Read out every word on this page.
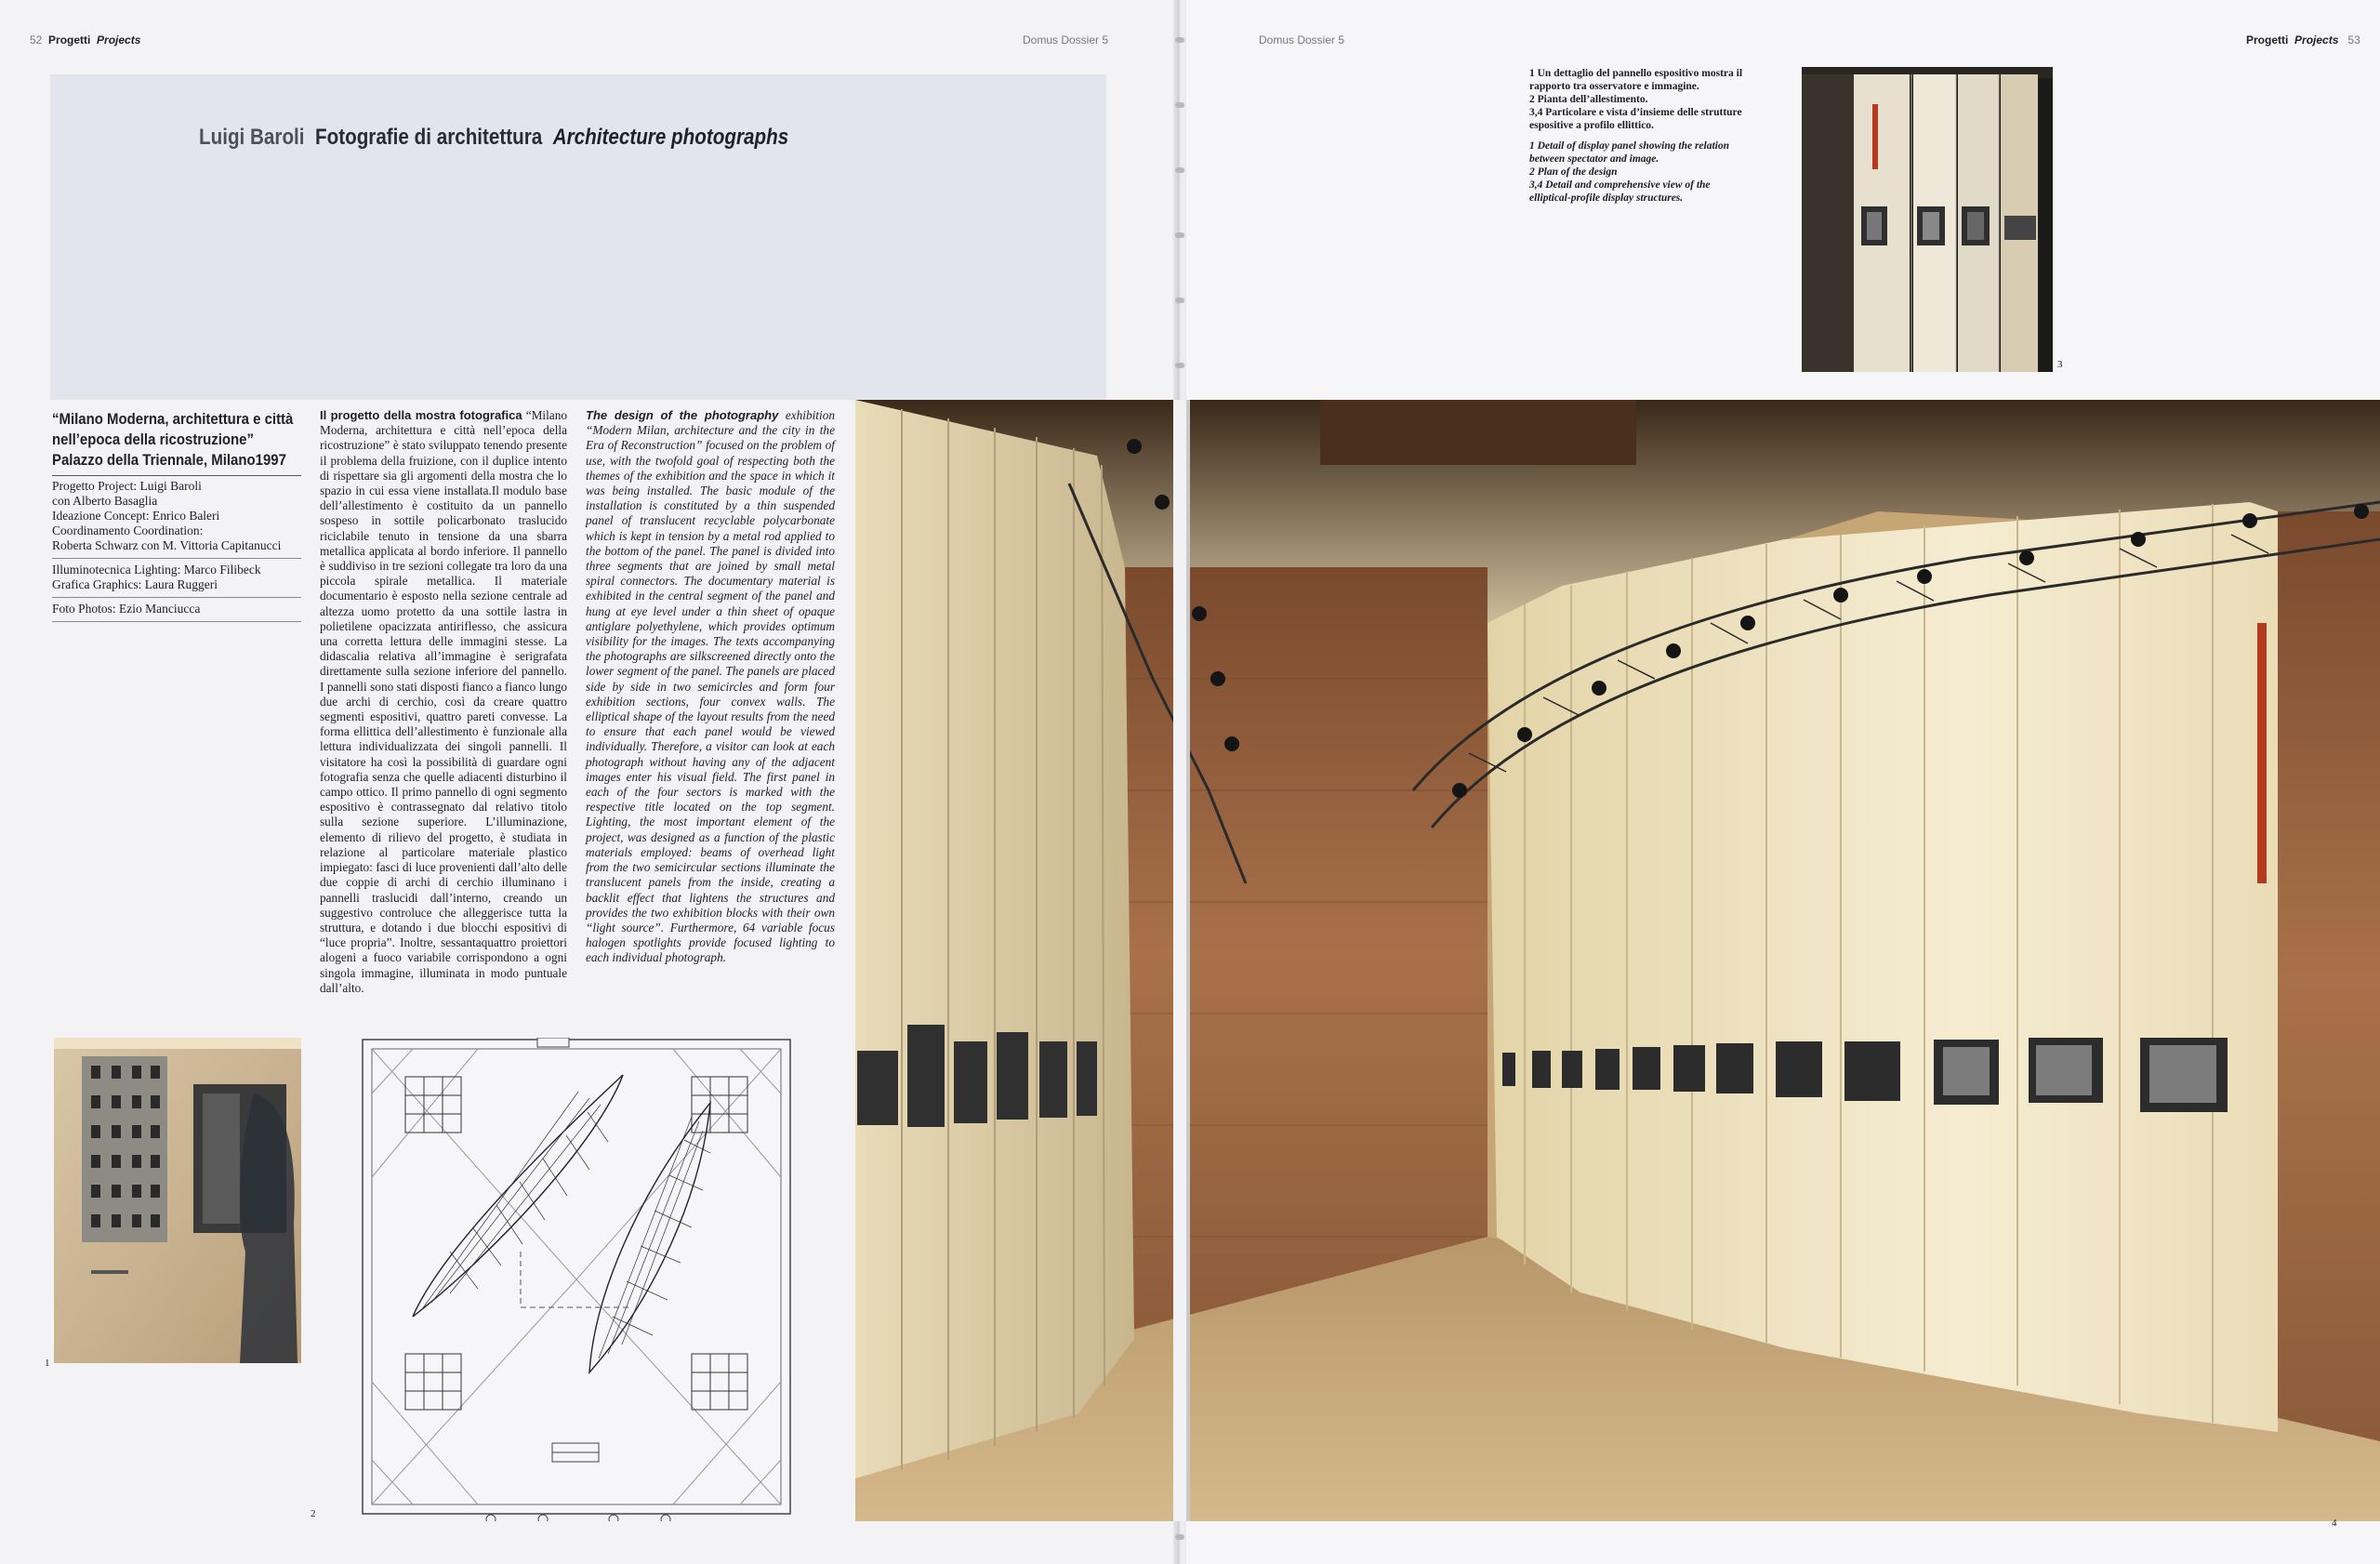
52 Progetti Projects	Domus Dossier 5	Domus Dossier 5	Progetti Projects 53
Luigi Baroli Fotografie di architettura Architecture photographs
“Milano Moderna, architettura e città nell’epoca della ricostruzione” Palazzo della Triennale, Milano1997

Progetto Project: Luigi Baroli

con Alberto Basaglia

Ideazione Concept: Enrico Baleri

Coordinamento Coordination:

Roberta Schwarz con M. Vittoria Capitanucci

Illuminotecnica Lighting: Marco Filibeck

Grafica Graphics: Laura Ruggeri

Foto Photos: Ezio Manciucca

Il progetto della mostra fotografica “Milano Moderna, architettura e città nell’epoca della ricostruzione” è stato sviluppato tenendo presente il problema della fruizione, con il duplice intento di rispettare sia gli argomenti della mostra che lo spazio in cui essa viene installata.Il modulo base dell’allestimento è costituito da un pannello sospeso in sottile policarbonato traslucido riciclabile tenuto in tensione da una sbarra metallica applicata al bordo inferiore. Il pannello è suddiviso in tre sezioni collegate tra loro da una piccola spirale metallica. Il materiale documentario è esposto nella sezione centrale ad altezza uomo protetto da una sottile lastra in polietilene opacizzata antiriflesso, che assicura una corretta lettura delle immagini stesse. La didascalia relativa all’immagine è serigrafata direttamente sulla sezione inferiore del pannello. I pannelli sono stati disposti fianco a fianco lungo due archi di cerchio, così da creare quattro segmenti espositivi, quattro pareti convesse. La forma ellittica dell’allestimento è funzionale alla lettura individualizzata dei singoli pannelli. Il visitatore ha così la possibilità di guardare ogni fotografia senza che quelle adiacenti disturbino il campo ottico. Il primo pannello di ogni segmento espositivo è contrassegnato dal relativo titolo sulla sezione superiore. L’illuminazione, elemento di rilievo del progetto, è studiata in relazione al particolare materiale plastico impiegato: fasci di luce provenienti dall’alto delle due coppie di archi di cerchio illuminano i pannelli traslucidi dall’interno, creando un suggestivo controluce che alleggerisce tutta la struttura, e dotando i due blocchi espositivi di “luce propria”. Inoltre, sessantaquattro proiettori alogeni a fuoco variabile corrispondono a ogni singola immagine, illuminata in modo puntuale dall’alto.
The design of the photography exhibition “Modern Milan, architecture and the city in the Era of Reconstruction” focused on the problem of use, with the twofold goal of respecting both the themes of the exhibition and the space in which it was being installed. The basic module of the installation is constituted by a thin suspended panel of translucent recyclable polycarbonate which is kept in tension by a metal rod applied to the bottom of the panel. The panel is divided into three segments that are joined by small metal spiral connectors. The documentary material is exhibited in the central segment of the panel and hung at eye level under a thin sheet of opaque antiglare polyethylene, which provides optimum visibility for the images. The texts accompanying the photographs are silkscreened directly onto the lower segment of the panel. The panels are placed side by side in two semicircles and form four exhibition sections, four convex walls. The elliptical shape of the layout results from the need to ensure that each panel would be viewed individually. Therefore, a visitor can look at each photograph without having any of the adjacent images enter his visual field. The first panel in each of the four sectors is marked with the respective title located on the top segment. Lighting, the most important element of the project, was designed as a function of the plastic materials employed: beams of overhead light from the two semicircular sections illuminate the translucent panels from the inside, creating a backlit effect that lightens the structures and provides the two exhibition blocks with their own “light source”. Furthermore, 64 variable focus halogen spotlights provide focused lighting to each individual photograph.
1
2

1 Un dettaglio del pannello espositivo mostra il rapporto tra osservatore e immagine.

2 Pianta dell’allestimento.

3,4 Particolare e vista d’insieme delle strutture espositive a profilo ellittico.

1 Detail of display panel showing the relation between spectator and image.

2 Plan of the design

3,4 Detail and comprehensive view of the elliptical-profile display structures.

3
4
